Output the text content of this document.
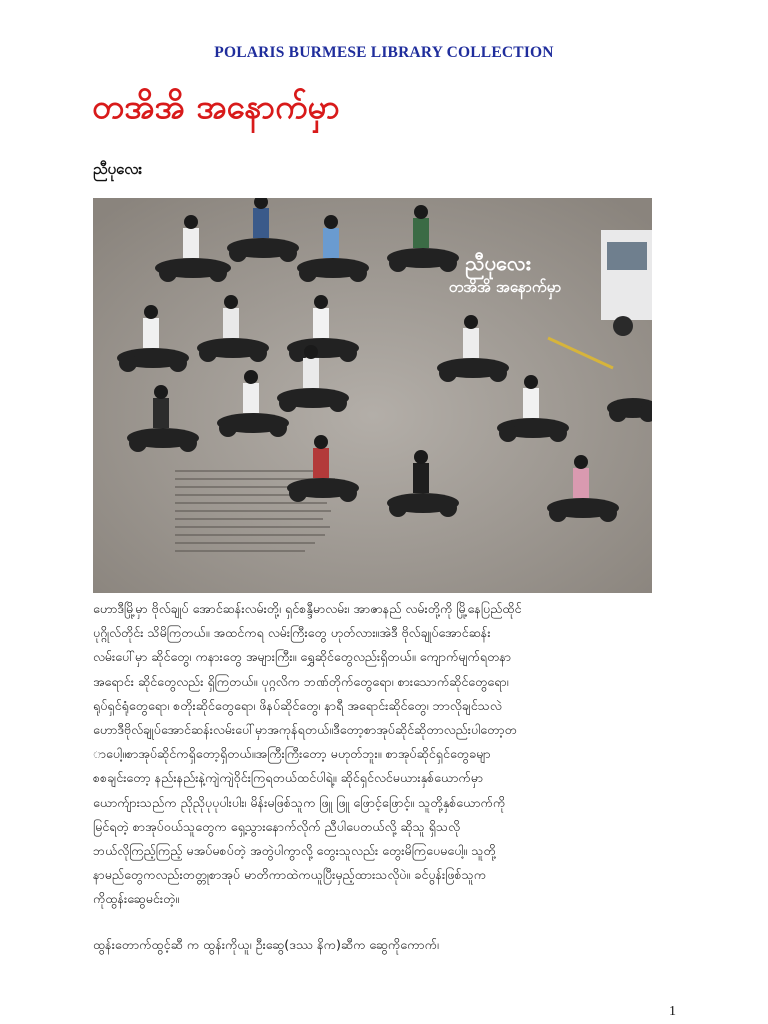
POLARIS BURMESE LIBRARY COLLECTION
တအိအိ အနောက်မှာ
ညီပုလေး
ညီပုလေး
တအိအိ အနောက်မှာ
ဟောဒီမြို့မှာ ဗိုလ်ချုပ် အောင်ဆန်းလမ်းတို့၊ ရှင်စန္ဒီမာလမ်း၊ အာဇာနည် လမ်းတို့ကို မြို့နေပြည်ထိုင်
ပုဂ္ဂိုလ်တိုင်း သိမိကြတယ်။ အထင်ကရ လမ်းကြီးတွေ ဟုတ်လား။အဲဒီ ဗိုလ်ချုပ်အောင်ဆန်း
လမ်းပေါ်မှာ ဆိုင်တွေ၊ ကနားတွေ အများကြီး။ ရွှေဆိုင်တွေလည်းရှိတယ်။ ကျောက်မျက်ရတနာ
အရောင်း ဆိုင်တွေလည်း ရှိကြတယ်။ ပုဂ္ဂလိက ဘဏ်တိုက်တွေရော၊ စားသောက်ဆိုင်တွေရော၊
ရုပ်ရှင်ရုံတွေရော၊ စတိုးဆိုင်တွေရော၊ ဖိနပ်ဆိုင်တွေ၊ နာရီ အရောင်းဆိုင်တွေ၊ ဘာလိုချင်သလဲ
ဟောဒီဗိုလ်ချုပ်အောင်ဆန်းလမ်းပေါ်မှာအကုန်ရတယ်။ဒီတော့စာအုပ်ဆိုင်ဆိုတာလည်းပါတော့တ
ာပေါ့။စာအုပ်ဆိုင်ကရှိတော့ရှိတယ်။အကြီးကြီးတော့ မဟုတ်ဘူး။ စာအုပ်ဆိုင်ရှင်တွေခမျာ
စစချင်းတော့ နည်းနည်းနဲ့ကျဲကျဲဝိုင်းကြရတယ်ထင်ပါရဲ့။ ဆိုင်ရှင်လင်မယားနှစ်ယောက်မှာ
ယောက်ျားသည်က ညိုညိုပုပုပါးပါး၊ မိန်းမဖြစ်သူက ဖြူ ဖြူ ဖြောင့်ဖြောင့်။ သူတို့နှစ်ယောက်ကို
မြင်ရတဲ့ စာအုပ်ဝယ်သူတွေက ရှေ့သွားနောက်လိုက် ညီပါပေတယ်လို့ ဆိုသူ ရှိသလို
ဘယ်လိုကြည့်ကြည့် မအပ်မစပ်တဲ့ အတွဲပါကွာလို့ တွေးသူလည်း တွေးမိကြပေမပေါ့။ သူတို့
နာမည်တွေကလည်းတတ္တုစာအုပ် မာတိကာထဲကယူပြီးမှည့်ထားသလိုပဲ။ ခင်ပွန်းဖြစ်သူက
ကိုထွန်းဆွေမင်းတဲ့။
ထွန်းတောက်ထွင့်ဆီ က ထွန်းကိုယူ၊ ဦးဆွေ(ဒဿ နိက)ဆီက ဆွေကိုကောက်၊
1
